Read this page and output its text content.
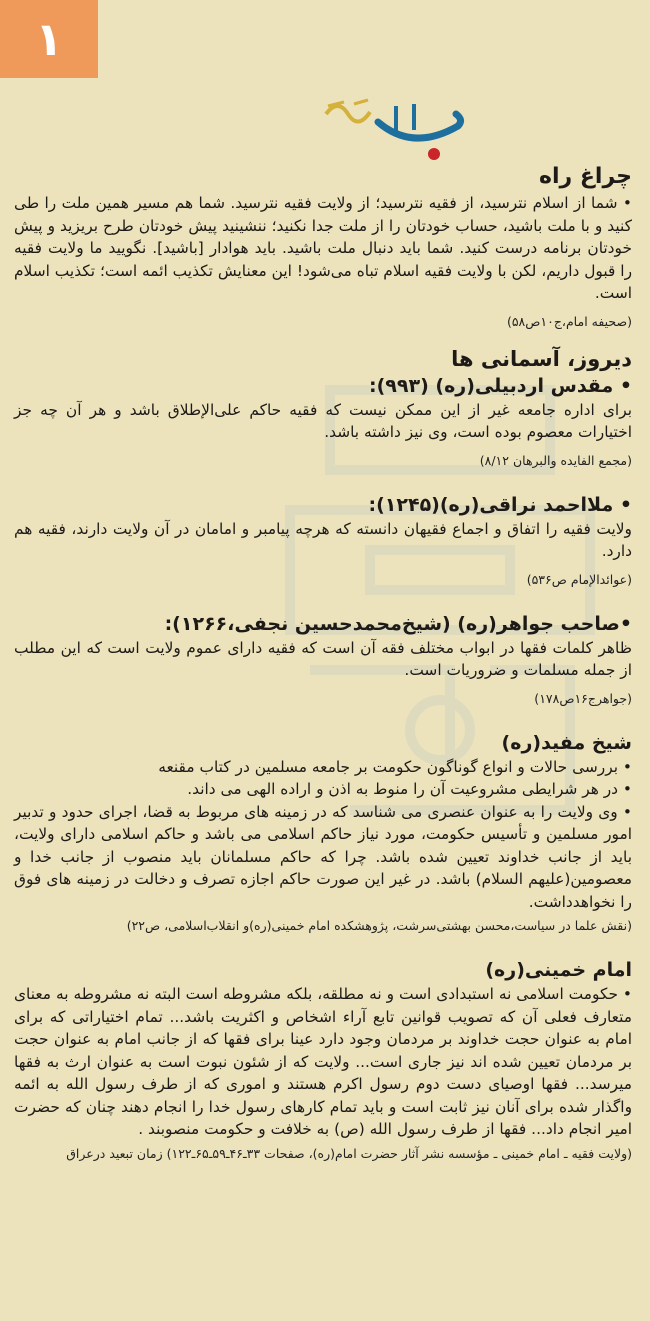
۱
چراغ راه

• شما از اسلام نترسید، از فقیه نترسید؛ از ولایت فقیه نترسید. شما هم مسیر همین ملت را طی کنید و با ملت باشید، حساب خودتان را از ملت جدا نکنید؛ ننشینید پیش خودتان طرح بریزید و پیش خودتان برنامه درست کنید. شما باید دنبال ملت باشید. باید هوادار [باشید]. نگویید ما ولایت فقیه را قبول داریم، لکن با ولایت فقیه اسلام تباه می‌شود! این معنایش تکذیب ائمه است؛ تکذیب اسلام است.

(صحیفه امام،ج۱۰ص۵۸)

دیروز، آسمانی ها
• مقدس اردبیلی(ره) (۹۹۳):

برای اداره جامعه غیر از این ممکن نیست که فقیه حاکم علی‌الإطلاق باشد و هر آن چه جز اختیارات معصوم بوده است، وی نیز داشته باشد.

(مجمع الفایده والبرهان ۸/۱۲)

• ملااحمد نراقی(ره)(۱۲۴۵):

ولایت فقیه را اتفاق و اجماع فقیهان دانسته که هرچه پیامبر و امامان در آن ولایت دارند، فقیه هم دارد.

(عوائدالإمام ص۵۳۶)

•صاحب جواهر(ره) (شیخ‌محمدحسین نجفی،۱۲۶۶):

ظاهر کلمات فقها در ابواب مختلف فقه آن است که فقیه دارای عموم ولایت است که این مطلب از جمله مسلمات و ضروریات است.

(جواهرج۱۶ص۱۷۸)

شیخ مفید(ره)

• بررسی حالات و انواع گوناگون حکومت بر جامعه مسلمین در کتاب مقنعه

• در هر شرایطی مشروعیت آن را منوط به اذن و اراده الهی می داند.

• وی ولایت را به عنوان عنصری می شناسد که در زمینه های مربوط به قضا، اجرای حدود و تدبیر امور مسلمین و تأسیس حکومت، مورد نیاز حاکم اسلامی می باشد و حاکم اسلامی دارای ولایت، باید از جانب خداوند تعیین شده باشد. چرا که حاکم مسلمانان باید منصوب از جانب خدا و معصومین(علیهم السلام) باشد. در غیر این صورت حاکم اجازه تصرف و دخالت در زمینه های فوق را نخواهدداشت.

(نقش علما در سیاست،محسن بهشتی‌سرشت، پژوهشکده امام خمینی(ره)و انقلاب‌اسلامی، ص۲۲)

امام خمینی(ره)

• حکومت اسلامی نه استبدادی است و نه مطلقه، بلکه مشروطه است البته نه مشروطه به معنای متعارف فعلی آن که تصویب قوانین تابع آراء اشخاص و اکثریت باشد... تمام اختیاراتی که برای امام به عنوان حجت خداوند بر مردمان وجود دارد عینا برای فقها که از جانب امام به عنوان حجت بر مردمان تعیین شده اند نیز جاری است... ولایت که از شئون نبوت است به عنوان ارث به فقها میرسد... فقها اوصیای دست دوم رسول اکرم هستند و اموری که از طرف رسول الله به ائمه واگذار شده برای آنان نیز ثابت است و باید تمام کارهای رسول خدا را انجام دهند چنان که حضرت امیر انجام داد... فقها از طرف رسول الله (ص) به خلافت و حکومت منصوبند .

(ولایت فقیه ـ امام خمینی ـ مؤسسه نشر آثار حضرت امام(ره)، صفحات ۳۳ـ۴۶ـ۵۹ـ۶۵ـ۱۲۲) زمان تبعید درعراق
